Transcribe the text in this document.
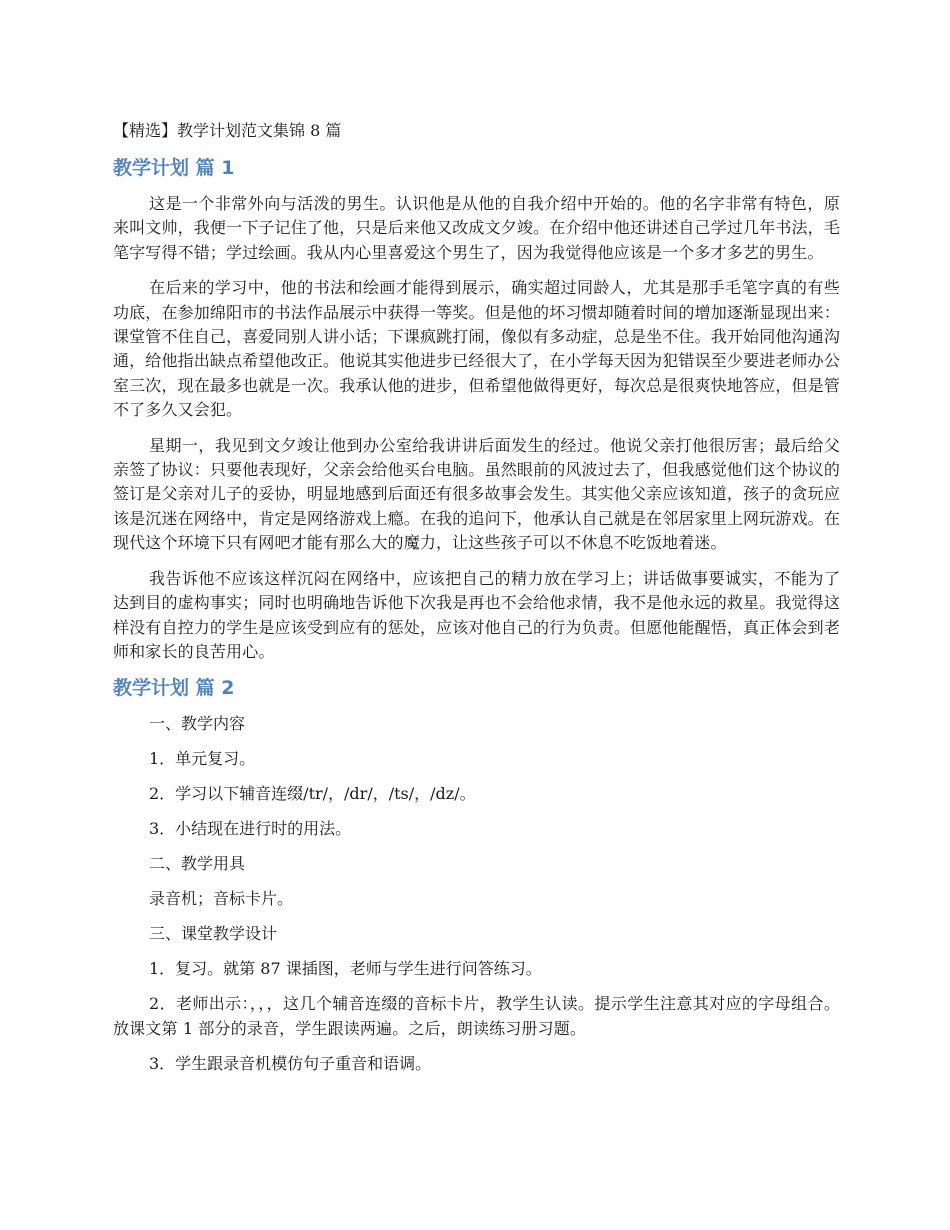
【精选】教学计划范文集锦 8 篇
教学计划 篇 1

这是一个非常外向与活泼的男生。认识他是从他的自我介绍中开始的。他的名字非常有特色，原来叫文帅，我便一下子记住了他，只是后来他又改成文夕竣。在介绍中他还讲述自己学过几年书法，毛笔字写得不错；学过绘画。我从内心里喜爱这个男生了，因为我觉得他应该是一个多才多艺的男生。

在后来的学习中，他的书法和绘画才能得到展示，确实超过同龄人，尤其是那手毛笔字真的有些功底，在参加绵阳市的书法作品展示中获得一等奖。但是他的坏习惯却随着时间的增加逐渐显现出来：课堂管不住自己，喜爱同别人讲小话；下课疯跳打闹，像似有多动症，总是坐不住。我开始同他沟通沟通，给他指出缺点希望他改正。他说其实他进步已经很大了，在小学每天因为犯错误至少要进老师办公室三次，现在最多也就是一次。我承认他的进步，但希望他做得更好，每次总是很爽快地答应，但是管不了多久又会犯。

星期一，我见到文夕竣让他到办公室给我讲讲后面发生的经过。他说父亲打他很厉害；最后给父亲签了协议：只要他表现好，父亲会给他买台电脑。虽然眼前的风波过去了，但我感觉他们这个协议的签订是父亲对儿子的妥协，明显地感到后面还有很多故事会发生。其实他父亲应该知道，孩子的贪玩应该是沉迷在网络中，肯定是网络游戏上瘾。在我的追问下，他承认自己就是在邻居家里上网玩游戏。在现代这个环境下只有网吧才能有那么大的魔力，让这些孩子可以不休息不吃饭地着迷。

我告诉他不应该这样沉闷在网络中，应该把自己的精力放在学习上；讲话做事要诚实，不能为了达到目的虚构事实；同时也明确地告诉他下次我是再也不会给他求情，我不是他永远的救星。我觉得这样没有自控力的学生是应该受到应有的惩处，应该对他自己的行为负责。但愿他能醒悟，真正体会到老师和家长的良苦用心。

教学计划 篇 2

一、教学内容

1．单元复习。

2．学习以下辅音连缀/tr/，/dr/，/ts/，/dz/。

3．小结现在进行时的用法。

二、教学用具

录音机；音标卡片。

三、课堂教学设计

1．复习。就第 87 课插图，老师与学生进行问答练习。

2．老师出示：，，，这几个辅音连缀的音标卡片，教学生认读。提示学生注意其对应的字母组合。放课文第 1 部分的录音，学生跟读两遍。之后，朗读练习册习题。

3．学生跟录音机模仿句子重音和语调。
